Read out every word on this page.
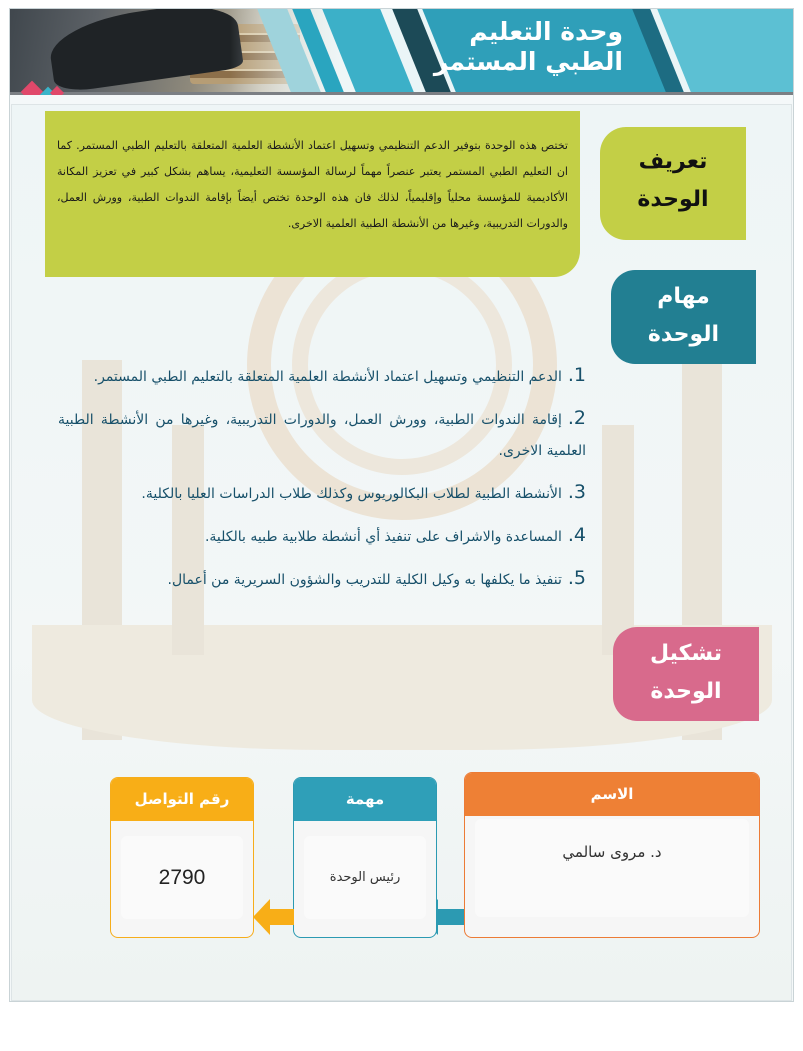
وحدة التعليم
الطبي المستمر
تعريف
الوحدة

تختص هذه الوحدة بتوفير الدعم التنظيمي وتسهيل اعتماد الأنشطة العلمية المتعلقة بالتعليم الطبي المستمر. كما ان التعليم الطبي المستمر يعتبر عنصراً مهماً لرسالة المؤسسة التعليمية، يساهم بشكل كبير في تعزيز المكانة الأكاديمية للمؤسسة محلياً وإقليمياً، لذلك فان هذه الوحدة تختص أيضاً بإقامة الندوات الطبية، وورش العمل، والدورات التدريبية، وغيرها من الأنشطة الطبية العلمية الاخرى.

مهام
الوحدة
1.الدعم التنظيمي وتسهيل اعتماد الأنشطة العلمية المتعلقة بالتعليم الطبي المستمر.
2.إقامة الندوات الطبية، وورش العمل، والدورات التدريبية، وغيرها من الأنشطة الطبية العلمية الاخرى.
3.الأنشطة الطبية لطلاب البكالوريوس وكذلك طلاب الدراسات العليا بالكلية.
4.المساعدة والاشراف على تنفيذ أي أنشطة طلابية طبيه بالكلية.
5.تنفيذ ما يكلفها به وكيل الكلية للتدريب والشؤون السريرية من أعمال.
تشكيل
الوحدة
الاسم
د. مروى سالمي
مهمة
رئيس الوحدة
رقم التواصل
2790
